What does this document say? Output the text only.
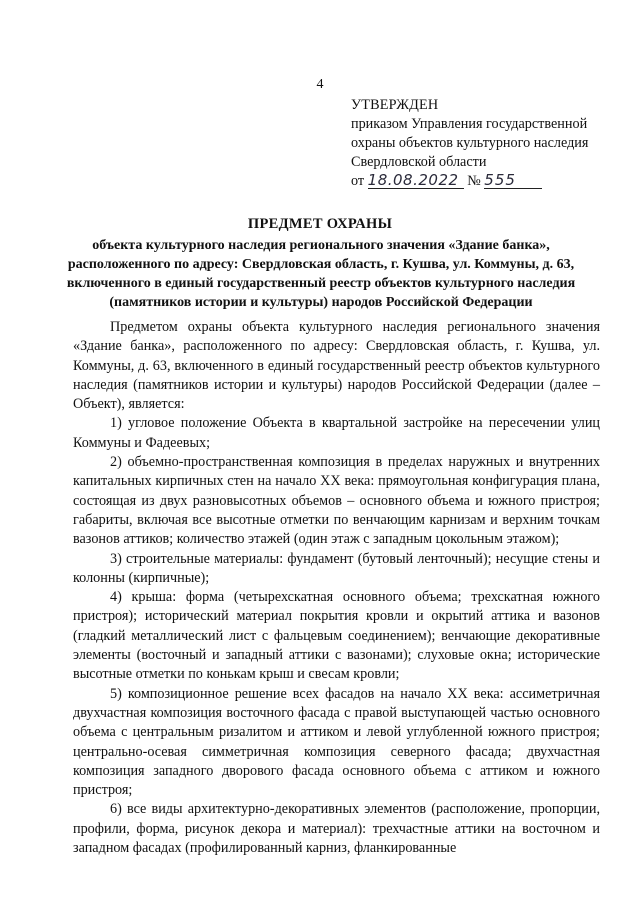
4
УТВЕРЖДЕН
приказом Управления государственной
охраны объектов культурного наследия
Свердловской области
от 18.08.2022 № 555
ПРЕДМЕТ ОХРАНЫ
объекта культурного наследия регионального значения «Здание банка», расположенного по адресу: Свердловская область, г. Кушва, ул. Коммуны, д. 63, включенного в единый государственный реестр объектов культурного наследия (памятников истории и культуры) народов Российской Федерации

Предметом охраны объекта культурного наследия регионального значения «Здание банка», расположенного по адресу: Свердловская область, г. Кушва, ул. Коммуны, д. 63, включенного в единый государственный реестр объектов культурного наследия (памятников истории и культуры) народов Российской Федерации (далее – Объект), является:

1) угловое положение Объекта в квартальной застройке на пересечении улиц Коммуны и Фадеевых;

2) объемно-пространственная композиция в пределах наружных и внутренних капитальных кирпичных стен на начало XX века: прямоугольная конфигурация плана, состоящая из двух разновысотных объемов – основного объема и южного пристроя; габариты, включая все высотные отметки по венчающим карнизам и верхним точкам вазонов аттиков; количество этажей (один этаж с западным цокольным этажом);

3) строительные материалы: фундамент (бутовый ленточный); несущие стены и колонны (кирпичные);

4) крыша: форма (четырехскатная основного объема; трехскатная южного пристроя); исторический материал покрытия кровли и окрытий аттика и вазонов (гладкий металлический лист с фальцевым соединением); венчающие декоративные элементы (восточный и западный аттики с вазонами); слуховые окна; исторические высотные отметки по конькам крыш и свесам кровли;

5) композиционное решение всех фасадов на начало XX века: ассиметричная двухчастная композиция восточного фасада с правой выступающей частью основного объема с центральным ризалитом и аттиком и левой углубленной южного пристроя; центрально-осевая симметричная композиция северного фасада; двухчастная композиция западного дворового фасада основного объема с аттиком и южного пристроя;

6) все виды архитектурно-декоративных элементов (расположение, пропорции, профили, форма, рисунок декора и материал): трехчастные аттики на восточном и западном фасадах (профилированный карниз, фланкированные
